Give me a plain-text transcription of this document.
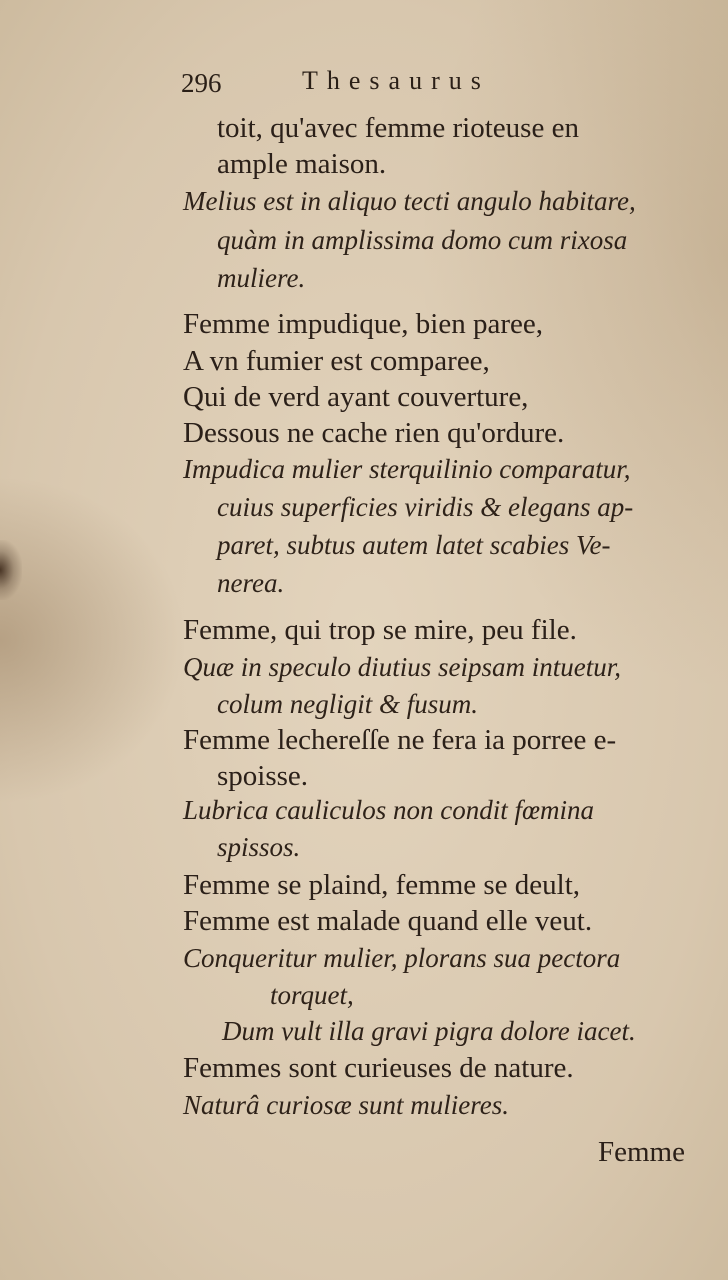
296	Thesaurus
toit, qu'avec femme rioteuse en
ample maison.
Melius est in aliquo tecti angulo habitare,
quàm in amplissima domo cum rixosa
muliere.
Femme impudique, bien paree,
A vn fumier est comparee,
Qui de verd ayant couverture,
Dessous ne cache rien qu'ordure.
Impudica mulier sterquilinio comparatur,
cuius superficies viridis & elegans ap-
paret, subtus autem latet scabies Ve-
nerea.
Femme, qui trop se mire, peu file.
Quæ in speculo diutius seipsam intuetur,
colum negligit & fusum.
Femme lechereſſe ne fera ia porree e-
spoisse.
Lubrica cauliculos non condit fœmina
spissos.
Femme se plaind, femme se deult,
Femme est malade quand elle veut.
Conqueritur mulier, plorans sua pectora
torquet,
Dum vult illa gravi pigra dolore iacet.
Femmes sont curieuses de nature.
Naturâ curiosæ sunt mulieres.
Femme
